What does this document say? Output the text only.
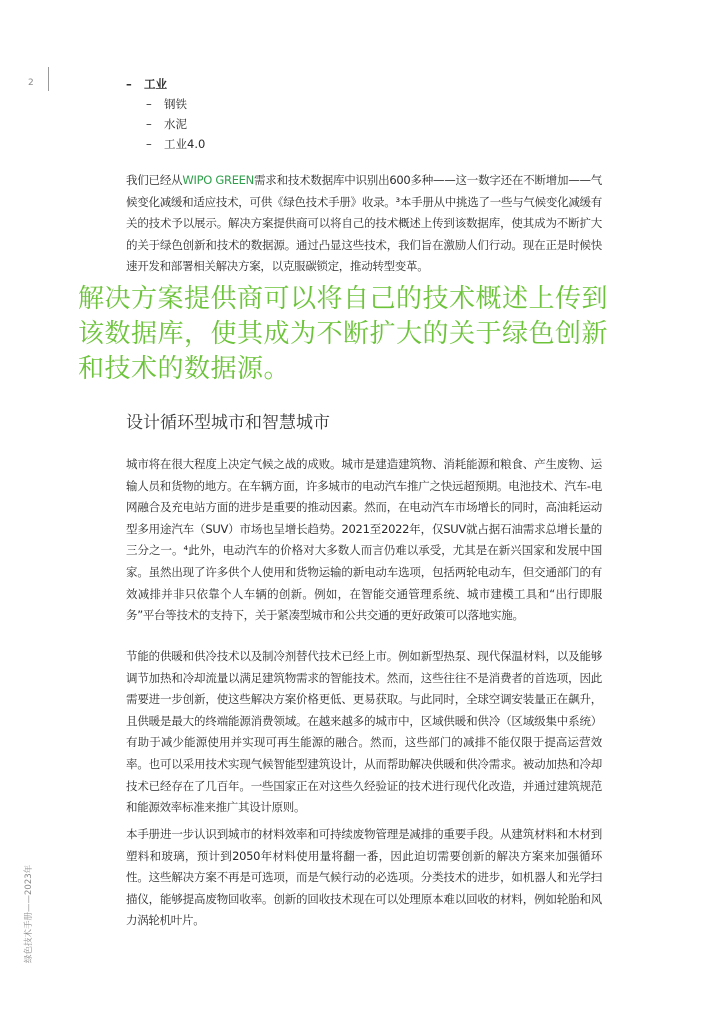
2
绿色技术手册——2023年
– 工业
– 钢铁
– 水泥
– 工业4.0

我们已经从WIPO GREEN需求和技术数据库中识别出600多种——这一数字还在不断增加——气候变化减缓和适应技术，可供《绿色技术手册》收录。³本手册从中挑选了一些与气候变化减缓有关的技术予以展示。解决方案提供商可以将自己的技术概述上传到该数据库，使其成为不断扩大的关于绿色创新和技术的数据源。通过凸显这些技术，我们旨在激励人们行动。现在正是时候快速开发和部署相关解决方案，以克服碳锁定，推动转型变革。

解决方案提供商可以将自己的技术概述上传到该数据库，使其成为不断扩大的关于绿色创新和技术的数据源。

设计循环型城市和智慧城市

城市将在很大程度上决定气候之战的成败。城市是建造建筑物、消耗能源和粮食、产生废物、运输人员和货物的地方。在车辆方面，许多城市的电动汽车推广之快远超预期。电池技术、汽车-电网融合及充电站方面的进步是重要的推动因素。然而，在电动汽车市场增长的同时，高油耗运动型多用途汽车（SUV）市场也呈增长趋势。2021至2022年，仅SUV就占据石油需求总增长量的三分之一。⁴此外，电动汽车的价格对大多数人而言仍难以承受，尤其是在新兴国家和发展中国家。虽然出现了许多供个人使用和货物运输的新电动车选项，包括两轮电动车，但交通部门的有效减排并非只依靠个人车辆的创新。例如，在智能交通管理系统、城市建模工具和“出行即服务”平台等技术的支持下，关于紧凑型城市和公共交通的更好政策可以落地实施。

节能的供暖和供冷技术以及制冷剂替代技术已经上市。例如新型热泵、现代保温材料，以及能够调节加热和冷却流量以满足建筑物需求的智能技术。然而，这些往往不是消费者的首选项，因此需要进一步创新，使这些解决方案价格更低、更易获取。与此同时，全球空调安装量正在飙升，且供暖是最大的终端能源消费领域。在越来越多的城市中，区域供暖和供冷（区域级集中系统）有助于减少能源使用并实现可再生能源的融合。然而，这些部门的减排不能仅限于提高运营效率。也可以采用技术实现气候智能型建筑设计，从而帮助解决供暖和供冷需求。被动加热和冷却技术已经存在了几百年。一些国家正在对这些久经验证的技术进行现代化改造，并通过建筑规范和能源效率标准来推广其设计原则。

本手册进一步认识到城市的材料效率和可持续废物管理是减排的重要手段。从建筑材料和木材到塑料和玻璃，预计到2050年材料使用量将翻一番，因此迫切需要创新的解决方案来加强循环性。这些解决方案不再是可选项，而是气候行动的必选项。分类技术的进步，如机器人和光学扫描仪，能够提高废物回收率。创新的回收技术现在可以处理原本难以回收的材料，例如轮胎和风力涡轮机叶片。
